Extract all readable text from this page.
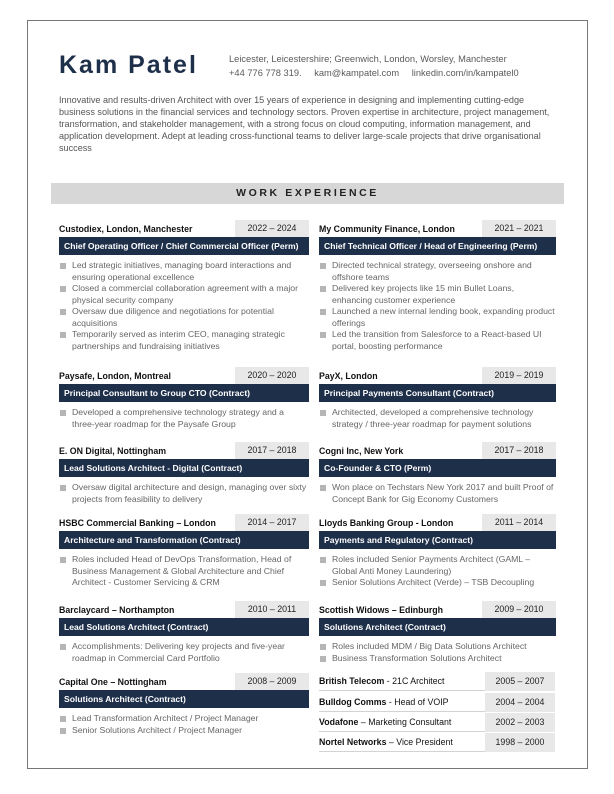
Kam Patel	Leicester, Leicestershire; Greenwich, London, Worsley, Manchester
+44 776 778 319. kam@kampatel.com linkedin.com/in/kampatel0
Innovative and results-driven Architect with over 15 years of experience in designing and implementing cutting-edge business solutions in the financial services and technology sectors. Proven expertise in architecture, project management, transformation, and stakeholder management, with a strong focus on cloud computing, information management, and application development. Adept at leading cross-functional teams to deliver large-scale projects that drive organisational success
WORK EXPERIENCE
Custodiex, London, Manchester	2022 – 2024
Chief Operating Officer / Chief Commercial Officer (Perm)
Led strategic initiatives, managing board interactions and ensuring operational excellence
Closed a commercial collaboration agreement with a major physical security company
Oversaw due diligence and negotiations for potential acquisitions
Temporarily served as interim CEO, managing strategic partnerships and fundraising initiatives
Paysafe, London, Montreal	2020 – 2020
Principal Consultant to Group CTO (Contract)
Developed a comprehensive technology strategy and a three-year roadmap for the Paysafe Group
E. ON Digital, Nottingham	2017 – 2018
Lead Solutions Architect - Digital (Contract)
Oversaw digital architecture and design, managing over sixty projects from feasibility to delivery
HSBC Commercial Banking – London	2014 – 2017
Architecture and Transformation (Contract)
Roles included Head of DevOps Transformation, Head of Business Management & Global Architecture and Chief Architect - Customer Servicing & CRM
Barclaycard – Northampton	2010 – 2011
Lead Solutions Architect (Contract)
Accomplishments: Delivering key projects and five-year roadmap in Commercial Card Portfolio
Capital One – Nottingham	2008 – 2009
Solutions Architect (Contract)
Lead Transformation Architect / Project Manager
Senior Solutions Architect / Project Manager
My Community Finance, London	2021 – 2021
Chief Technical Officer / Head of Engineering (Perm)
Directed technical strategy, overseeing onshore and offshore teams
Delivered key projects like 15 min Bullet Loans, enhancing customer experience
Launched a new internal lending book, expanding product offerings
Led the transition from Salesforce to a React-based UI portal, boosting performance
PayX, London	2019 – 2019
Principal Payments Consultant (Contract)
Architected, developed a comprehensive technology strategy / three-year roadmap for payment solutions
Cogni Inc, New York	2017 – 2018
Co-Founder & CTO (Perm)
Won place on Techstars New York 2017 and built Proof of Concept Bank for Gig Economy Customers
Lloyds Banking Group - London	2011 – 2014
Payments and Regulatory (Contract)
Roles included Senior Payments Architect (GAML – Global Anti Money Laundering)
Senior Solutions Architect (Verde) – TSB Decoupling
Scottish Widows – Edinburgh	2009 – 2010
Solutions Architect (Contract)
Roles included MDM / Big Data Solutions Architect
Business Transformation Solutions Architect
British Telecom - 21C Architect	2005 – 2007
Bulldog Comms - Head of VOIP	2004 – 2004
Vodafone – Marketing Consultant	2002 – 2003
Nortel Networks – Vice President	1998 – 2000
